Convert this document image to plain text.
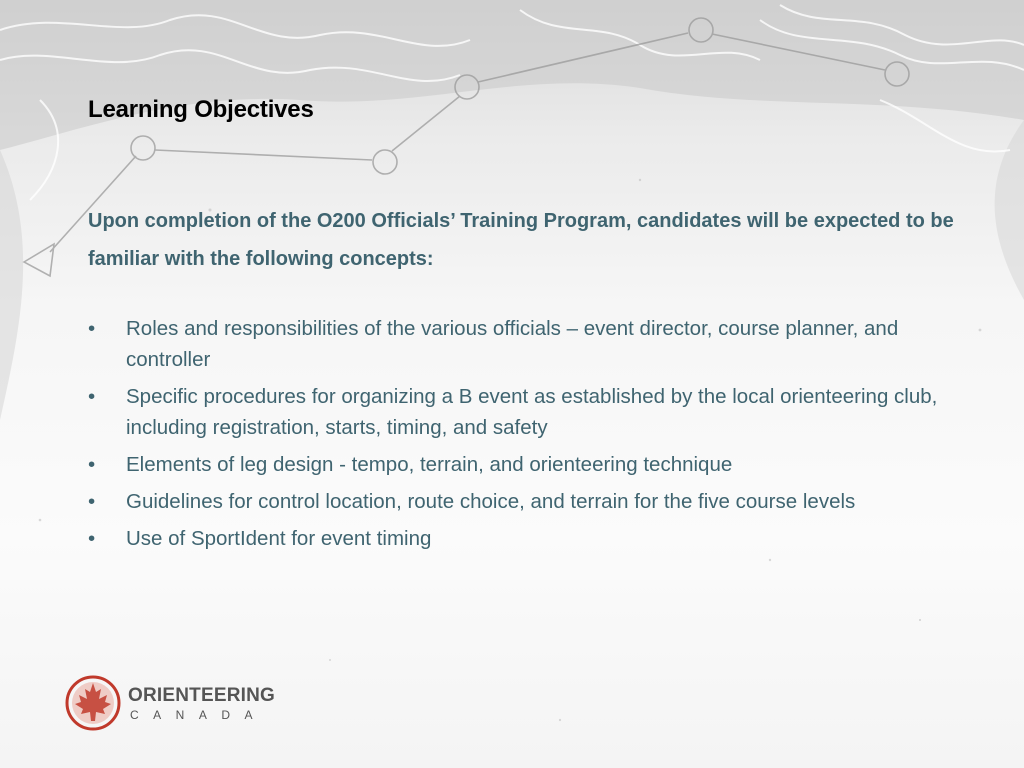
Learning Objectives

Upon completion of the O200 Officials’ Training Program, candidates will be expected to be familiar with the following concepts:

•	Roles and responsibilities of the various officials – event director, course planner, and controller
•	Specific procedures for organizing a B event as established by the local orienteering club, including registration, starts, timing, and safety
•	Elements of leg design - tempo, terrain, and orienteering technique
•	Guidelines for control location, route choice, and terrain for the five course levels
•	Use of SportIdent for event timing
ORIENTEERING
CANADA
